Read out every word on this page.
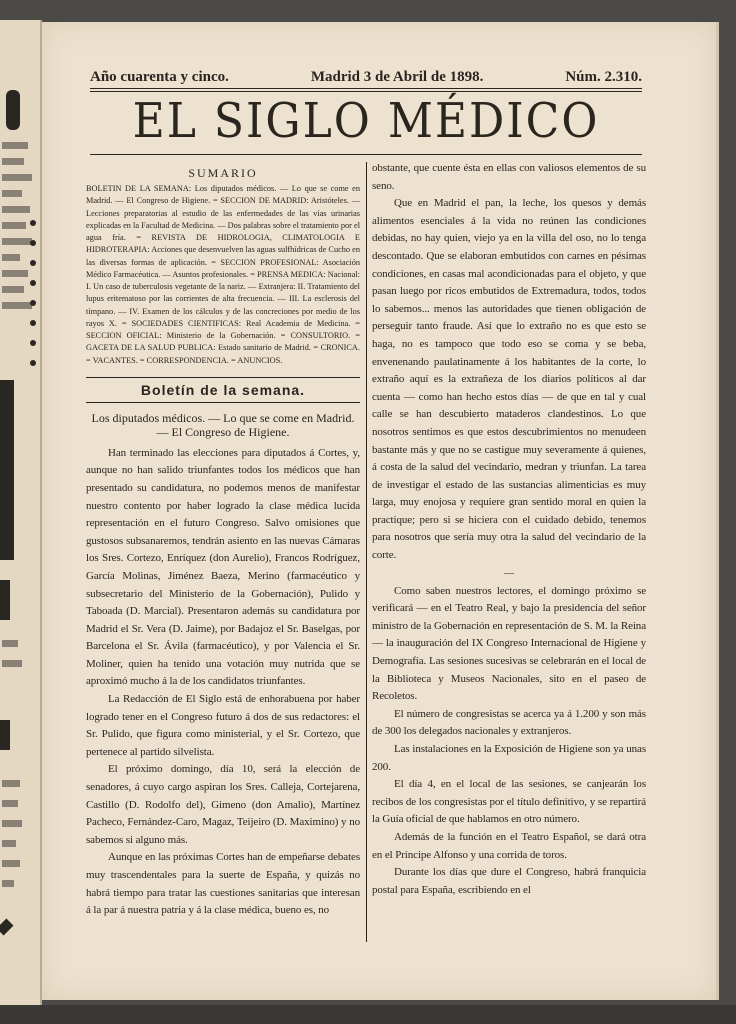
Año cuarenta y cinco.	Madrid 3 de Abril de 1898.	Núm. 2.310.
EL SIGLO MÉDICO
SUMARIO

BOLETIN DE LA SEMANA: Los diputados médicos. — Lo que se come en Madrid. — El Congreso de Higiene. = SECCION DE MADRID: Aristóteles. — Lecciones preparatorias al estudio de las enfermedades de las vías urinarias explicadas en la Facultad de Medicina. — Dos palabras sobre el tratamiento por el agua fría. = REVISTA DE HIDROLOGIA, CLIMATOLOGIA E HIDROTERAPIA: Acciones que desenvuelven las aguas sulfhídricas de Cucho en las diversas formas de aplicación. = SECCION PROFESIONAL: Asociación Médico Farmacéutica. — Asuntos profesionales. = PRENSA MEDICA: Nacional: I. Un caso de tuberculosis vegetante de la nariz. — Extranjera: II. Tratamiento del lupus eritematoso por las corrientes de alta frecuencia. — III. La esclerosis del tímpano. — IV. Examen de los cálculos y de las concreciones por medio de los rayos X. = SOCIEDADES CIENTIFICAS: Real Academia de Medicina. = SECCION OFICIAL: Ministerio de la Gobernación. = CONSULTORIO. = GACETA DE LA SALUD PUBLICA: Estado sanitario de Madrid. = CRONICA. = VACANTES. = CORRESPONDENCIA. = ANUNCIOS.

Boletín de la semana.
Los diputados médicos. — Lo que se come en Madrid. — El Congreso de Higiene.

Han terminado las elecciones para diputados á Cortes, y, aunque no han salido triunfantes todos los médicos que han presentado su candidatura, no podemos menos de manifestar nuestro contento por haber logrado la clase médica lucida representación en el futuro Congreso. Salvo omisiones que gustosos subsanaremos, tendrán asiento en las nuevas Cámaras los Sres. Cortezo, Enríquez (don Aurelio), Francos Rodríguez, García Molinas, Jiménez Baeza, Merino (farmacéutico y subsecretario del Ministerio de la Gobernación), Pulido y Taboada (D. Marcial). Presentaron además su candidatura por Madrid el Sr. Vera (D. Jaime), por Badajoz el Sr. Baselgas, por Barcelona el Sr. Ávila (farmacéutico), y por Valencia el Sr. Moliner, quien ha tenido una votación muy nutrida que se aproximó mucho á la de los candidatos triunfantes.

La Redacción de El Siglo está de enhorabuena por haber logrado tener en el Congreso futuro á dos de sus redactores: el Sr. Pulido, que figura como ministerial, y el Sr. Cortezo, que pertenece al partido silvelista.

El próximo domingo, día 10, será la elección de senadores, á cuyo cargo aspiran los Sres. Calleja, Cortejarena, Castillo (D. Rodolfo del), Gimeno (don Amalio), Martínez Pacheco, Fernández-Caro, Magaz, Teijeiro (D. Maximino) y no sabemos si alguno más.

Aunque en las próximas Cortes han de empeñarse debates muy trascendentales para la suerte de España, y quizás no habrá tiempo para tratar las cuestiones sanitarias que interesan á la par á nuestra patria y á la clase médica, bueno es, no

obstante, que cuente ésta en ellas con valiosos elementos de su seno.

Que en Madrid el pan, la leche, los quesos y demás alimentos esenciales á la vida no reúnen las condiciones debidas, no hay quien, viejo ya en la villa del oso, no lo tenga descontado. Que se elaboran embutidos con carnes en pésimas condiciones, en casas mal acondicionadas para el objeto, y que pasan luego por ricos embutidos de Extremadura, todos, todos lo sabemos... menos las autoridades que tienen obligación de perseguir tanto fraude. Así que lo extraño no es que esto se haga, no es tampoco que todo eso se coma y se beba, envenenando paulatinamente á los habitantes de la corte, lo extraño aquí es la extrañeza de los diarios políticos al dar cuenta — como han hecho estos días — de que en tal y cual calle se han descubierto mataderos clandestinos. Lo que nosotros sentimos es que estos descubrimientos no menudeen bastante más y que no se castigue muy severamente á quienes, á costa de la salud del vecindario, medran y triunfan. La tarea de investigar el estado de las sustancias alimenticias es muy larga, muy enojosa y requiere gran sentido moral en quien la practique; pero si se hiciera con el cuidado debido, tenemos para nosotros que sería muy otra la salud del vecindario de la corte.

—

Como saben nuestros lectores, el domingo próximo se verificará — en el Teatro Real, y bajo la presidencia del señor ministro de la Gobernación en representación de S. M. la Reina — la inauguración del IX Congreso Internacional de Higiene y Demografía. Las sesiones sucesivas se celebrarán en el local de la Biblioteca y Museos Nacionales, sito en el paseo de Recoletos.

El número de congresistas se acerca ya á 1.200 y son más de 300 los delegados nacionales y extranjeros.

Las instalaciones en la Exposición de Higiene son ya unas 200.

El día 4, en el local de las sesiones, se canjearán los recibos de los congresistas por el título definitivo, y se repartirá la Guía oficial de que hablamos en otro número.

Además de la función en el Teatro Español, se dará otra en el Príncipe Alfonso y una corrida de toros.

Durante los días que dure el Congreso, habrá franquicia postal para España, escribiendo en el
